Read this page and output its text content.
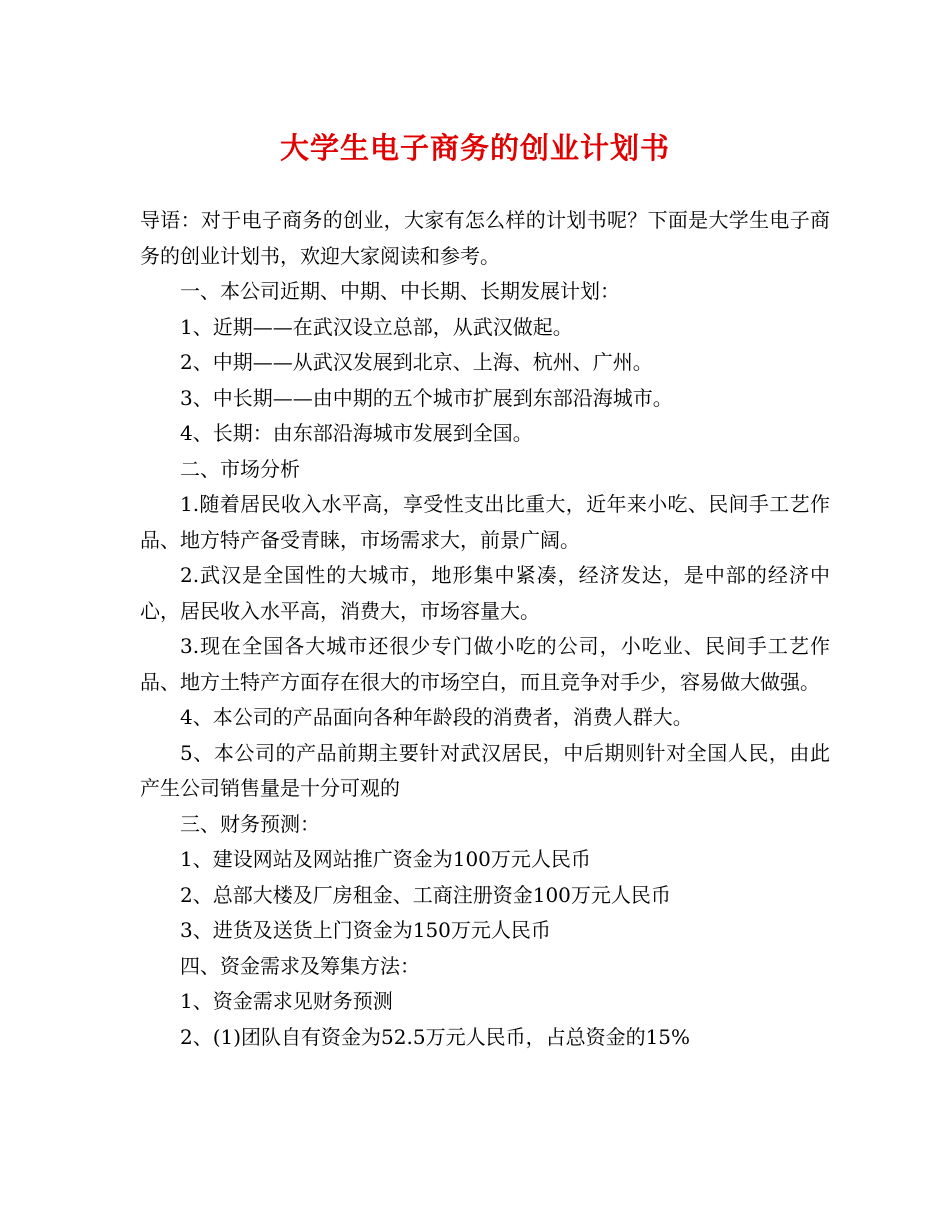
大学生电子商务的创业计划书

导语：对于电子商务的创业，大家有怎么样的计划书呢？下面是大学生电子商务的创业计划书，欢迎大家阅读和参考。

一、本公司近期、中期、中长期、长期发展计划：

1、近期——在武汉设立总部，从武汉做起。

2、中期——从武汉发展到北京、上海、杭州、广州。

3、中长期——由中期的五个城市扩展到东部沿海城市。

4、长期：由东部沿海城市发展到全国。

二、市场分析

1.随着居民收入水平高，享受性支出比重大，近年来小吃、民间手工艺作品、地方特产备受青睐，市场需求大，前景广阔。

2.武汉是全国性的大城市，地形集中紧凑，经济发达，是中部的经济中心，居民收入水平高，消费大，市场容量大。

3.现在全国各大城市还很少专门做小吃的公司，小吃业、民间手工艺作品、地方土特产方面存在很大的市场空白，而且竞争对手少，容易做大做强。

4、本公司的产品面向各种年龄段的消费者，消费人群大。

5、本公司的产品前期主要针对武汉居民，中后期则针对全国人民，由此产生公司销售量是十分可观的

三、财务预测：

1、建设网站及网站推广资金为100万元人民币

2、总部大楼及厂房租金、工商注册资金100万元人民币

3、进货及送货上门资金为150万元人民币

四、资金需求及筹集方法：

1、资金需求见财务预测

2、(1)团队自有资金为52.5万元人民币，占总资金的15%
